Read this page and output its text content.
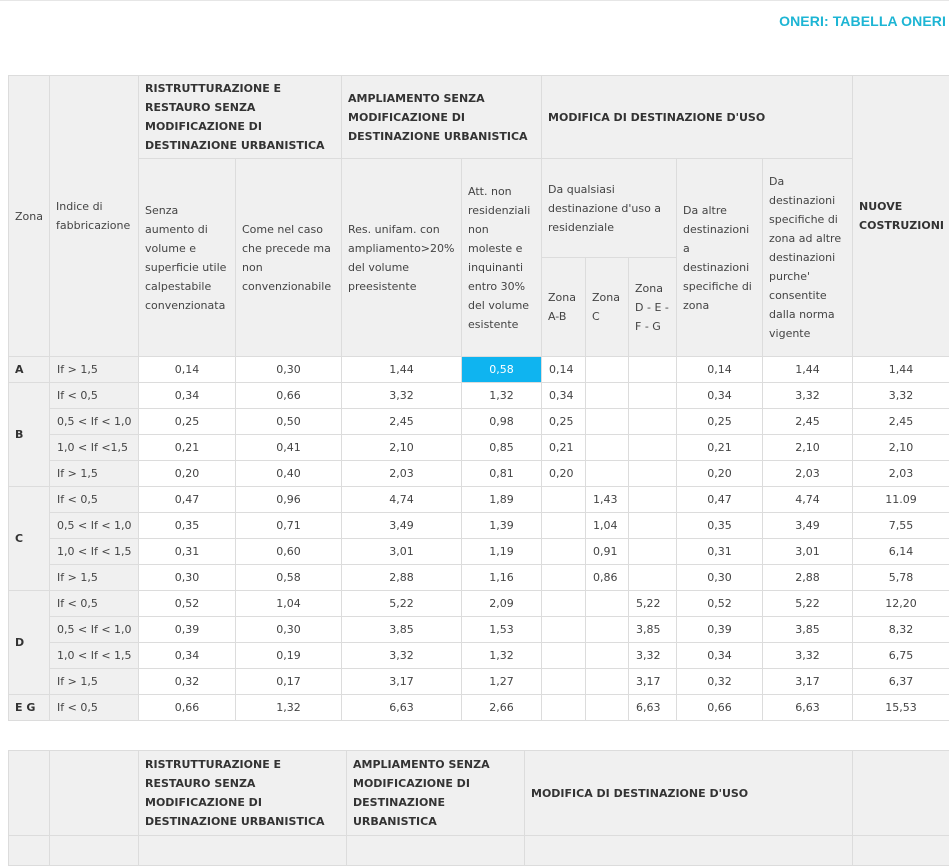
ONERI: TABELLA ONERI
Zona	Indice di fabbricazione	RISTRUTTURAZIONE E RESTAURO SENZA MODIFICAZIONE DI DESTINAZIONE URBANISTICA		AMPLIAMENTO SENZA MODIFICAZIONE DI DESTINAZIONE URBANISTICA		MODIFICA DI DESTINAZIONE D'USO					NUOVE COSTRUZIONI
		Senza aumento di volume e superficie utile calpestabile convenzionata	Come nel caso che precede ma non convenzionabile	Res. unifam. con ampliamento>20% del volume preesistente	Att. non residenziali non moleste e inquinanti entro 30% del volume esistente	Da qualsiasi destinazione d'uso a residenziale			Da altre destinazioni a destinazioni specifiche di zona	Da destinazioni specifiche di zona ad altre destinazioni purche' consentite dalla norma vigente	
						Zona A-B	Zona C	Zona D - E - F - G			
A	If > 1,5	0,14	0,30	1,44	0,58	0,14			0,14	1,44	1,44
B	If < 0,5	0,34	0,66	3,32	1,32	0,34			0,34	3,32	3,32
	0,5 < If < 1,0	0,25	0,50	2,45	0,98	0,25			0,25	2,45	2,45
	1,0 < If <1,5	0,21	0,41	2,10	0,85	0,21			0,21	2,10	2,10
	If > 1,5	0,20	0,40	2,03	0,81	0,20			0,20	2,03	2,03
C	If < 0,5	0,47	0,96	4,74	1,89		1,43		0,47	4,74	11.09
	0,5 < If < 1,0	0,35	0,71	3,49	1,39		1,04		0,35	3,49	7,55
	1,0 < If < 1,5	0,31	0,60	3,01	1,19		0,91		0,31	3,01	6,14
	If > 1,5	0,30	0,58	2,88	1,16		0,86		0,30	2,88	5,78
D	If < 0,5	0,52	1,04	5,22	2,09			5,22	0,52	5,22	12,20
	0,5 < If < 1,0	0,39	0,30	3,85	1,53			3,85	0,39	3,85	8,32
	1,0 < If < 1,5	0,34	0,19	3,32	1,32			3,32	0,34	3,32	6,75
	If > 1,5	0,32	0,17	3,17	1,27			3,17	0,32	3,17	6,37
E G	If < 0,5	0,66	1,32	6,63	2,66			6,63	0,66	6,63	15,53
		RISTRUTTURAZIONE E RESTAURO SENZA MODIFICAZIONE DI DESTINAZIONE URBANISTICA	AMPLIAMENTO SENZA MODIFICAZIONE DI DESTINAZIONE URBANISTICA	MODIFICA DI DESTINAZIONE D'USO	
